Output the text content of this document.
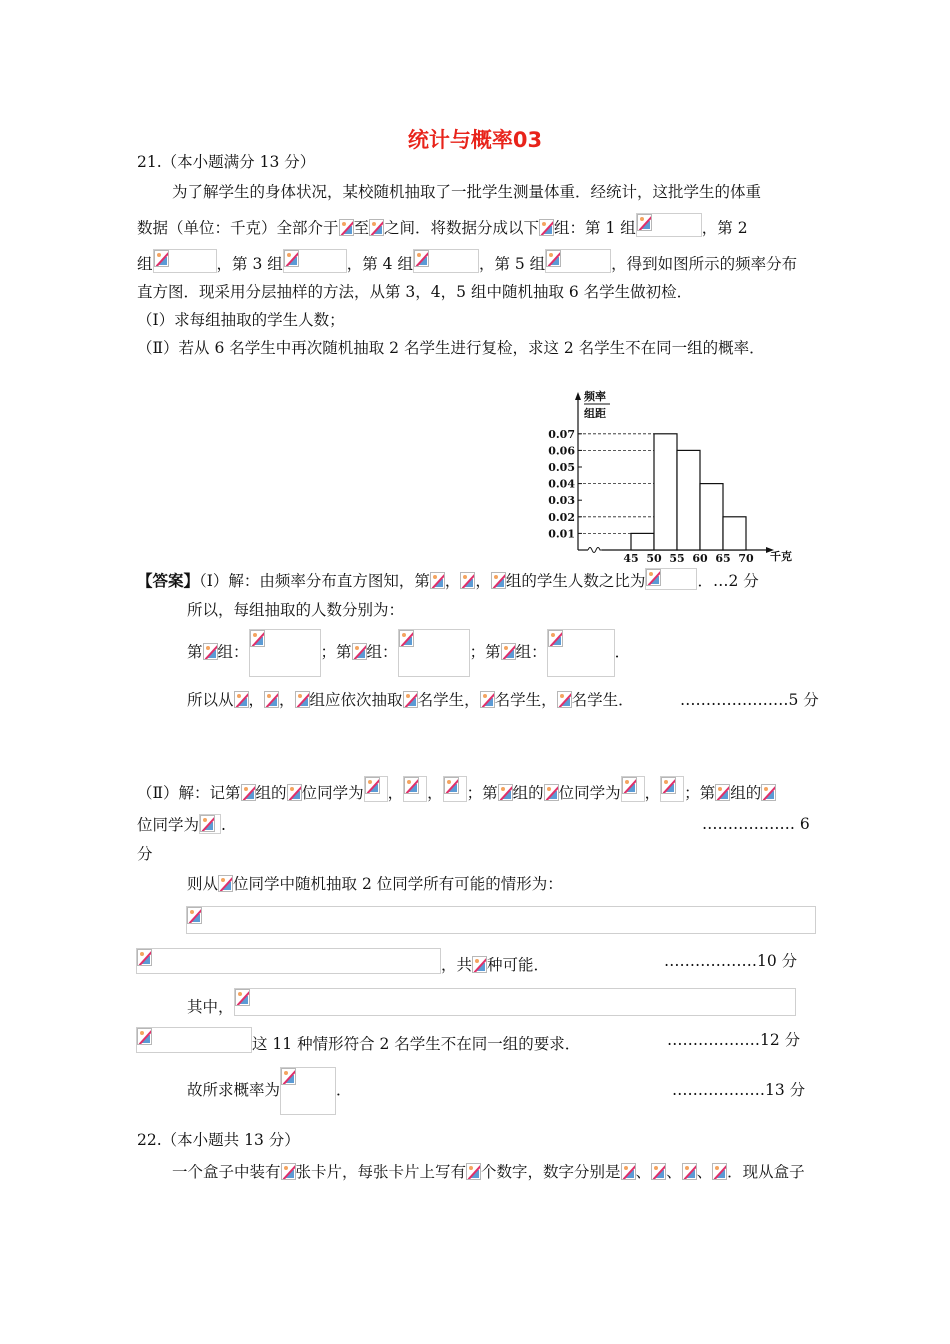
统计与概率03
21.（本小题满分 13 分）
为了解学生的身体状况，某校随机抽取了一批学生测量体重．经统计，这批学生的体重
数据（单位：千克）全部介于 至 之间．将数据分成以下 组：第 1 组	，第 2
组	，第 3 组	，第 4 组	，第 5 组	，得到如图所示的频率分布
直方图．现采用分层抽样的方法，从第 3，4，5 组中随机抽取 6 名学生做初检．
（Ⅰ）求每组抽取的学生人数；
（Ⅱ）若从 6 名学生中再次随机抽取 2 名学生进行复检，求这 2 名学生不在同一组的概率．
频率
组距
千克
0.01
0.02
0.03
0.04
0.05
0.06
0.07
45 50 55 60 65 70
【答案】（Ⅰ）解：由频率分布直方图知，第 ， ， 组的学生人数之比为	．…2 分
所以，每组抽取的人数分别为：
第 组：	；第 组：	；第 组：	．
所以从 ， ， 组应依次抽取 名学生， 名学生， 名学生．	…………………5 分
（Ⅱ）解：记第 组的 位同学为 ， ， ；第 组的 位同学为 ， ；第 组的
位同学为 .	……………… 6
分
则从 位同学中随机抽取 2 位同学所有可能的情形为：
，共 种可能．	………………10 分
其中，
这 11 种情形符合 2 名学生不在同一组的要求．	………………12 分
故所求概率为	．	………………13 分
22.（本小题共 13 分）
一个盒子中装有 张卡片，每张卡片上写有 个数字，数字分别是 、 、 、 ．现从盒子
